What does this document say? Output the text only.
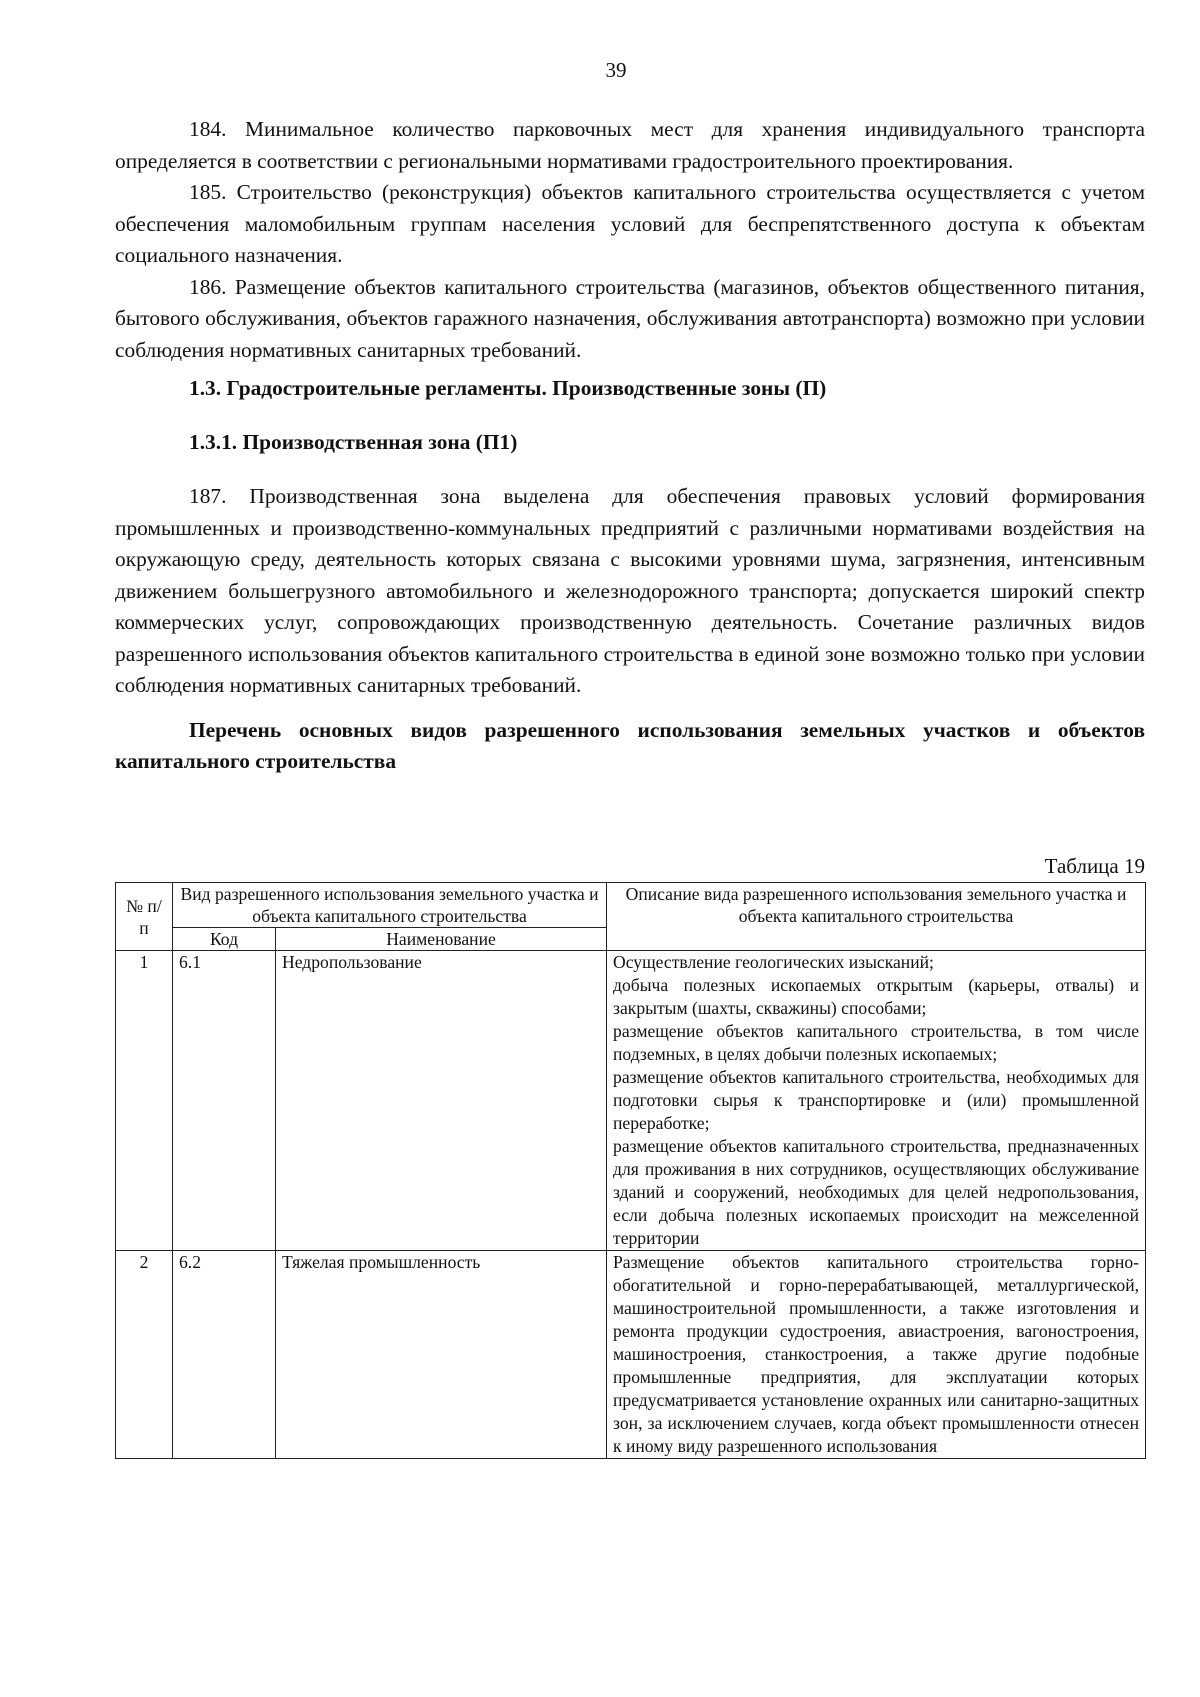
39

184. Минимальное количество парковочных мест для хранения индивидуального транспорта определяется в соответствии с региональными нормативами градостроительного проектирования.

185. Строительство (реконструкция) объектов капитального строительства осуществляется с учетом обеспечения маломобильным группам населения условий для беспрепятственного доступа к объектам социального назначения.

186. Размещение объектов капитального строительства (магазинов, объектов общественного питания, бытового обслуживания, объектов гаражного назначения, обслуживания автотранспорта) возможно при условии соблюдения нормативных санитарных требований.

1.3. Градостроительные регламенты. Производственные зоны (П)

1.3.1. Производственная зона (П1)

187. Производственная зона выделена для обеспечения правовых условий формирования промышленных и производственно-коммунальных предприятий с различными нормативами воздействия на окружающую среду, деятельность которых связана с высокими уровнями шума, загрязнения, интенсивным движением большегрузного автомобильного и железнодорожного транспорта; допускается широкий спектр коммерческих услуг, сопровождающих производственную деятельность. Сочетание различных видов разрешенного использования объектов капитального строительства в единой зоне возможно только при условии соблюдения нормативных санитарных требований.

Перечень основных видов разрешенного использования земельных участков и объектов капитального строительства

Таблица 19
№ п/п	Вид разрешенного использования земельного участка и объекта капитального строительства		Описание вида разрешенного использования земельного участка и объекта капитального строительства
	Код	Наименование	
1	6.1	Недропользование	Осуществление геологических изысканий;
добыча полезных ископаемых открытым (карьеры, отвалы) и закрытым (шахты, скважины) способами;
размещение объектов капитального строительства, в том числе подземных, в целях добычи полезных ископаемых;
размещение объектов капитального строительства, необходимых для подготовки сырья к транспортировке и (или) промышленной переработке;
размещение объектов капитального строительства, предназначенных для проживания в них сотрудников, осуществляющих обслуживание зданий и сооружений, необходимых для целей недропользования, если добыча полезных ископаемых происходит на межселенной территории

2	6.2	Тяжелая промышленность	Размещение объектов капитального строительства горно-обогатительной и горно-перерабатывающей, металлургической, машиностроительной промышленности, а также изготовления и ремонта продукции судостроения, авиастроения, вагоностроения, машиностроения, станкостроения, а также другие подобные промышленные предприятия, для эксплуатации которых предусматривается установление охранных или санитарно-защитных зон, за исключением случаев, когда объект промышленности отнесен к иному виду разрешенного использования
